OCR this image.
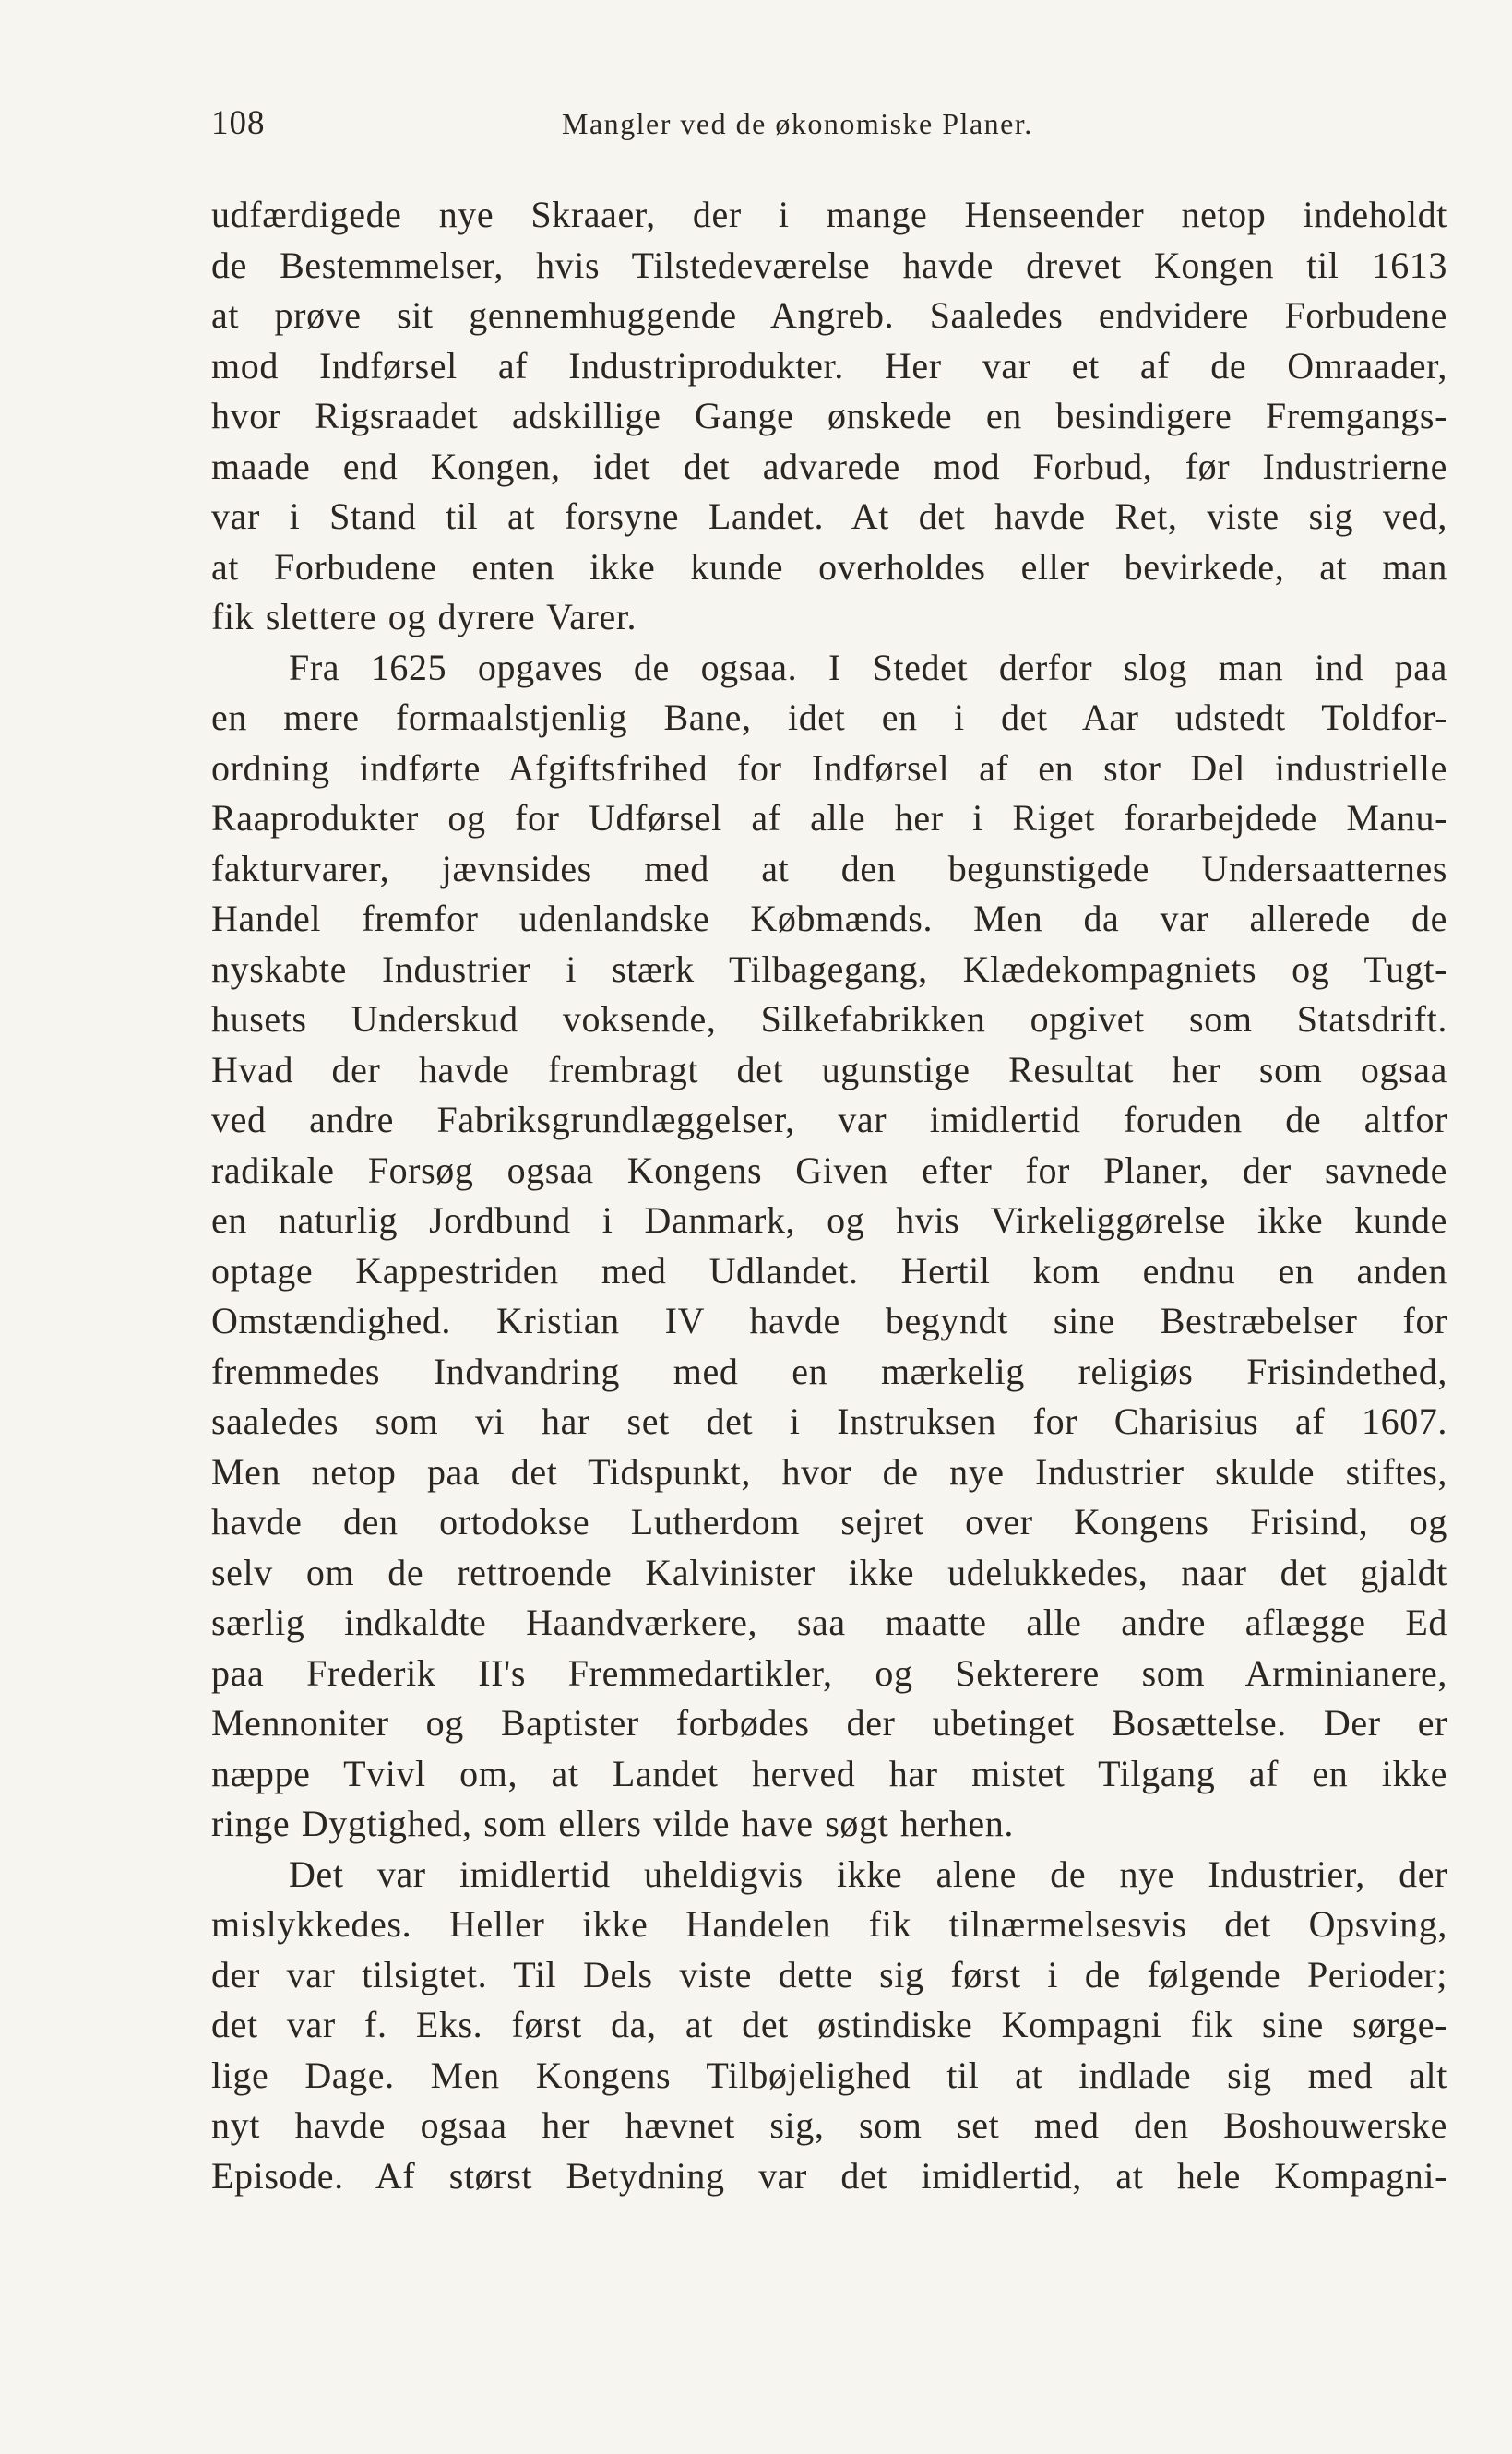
108	Mangler ved de økonomiske Planer.
udfærdigede nye Skraaer, der i mange Henseender netop indeholdt
de Bestemmelser, hvis Tilstedeværelse havde drevet Kongen til 1613
at prøve sit gennemhuggende Angreb. Saaledes endvidere Forbudene
mod Indførsel af Industriprodukter. Her var et af de Omraader,
hvor Rigsraadet adskillige Gange ønskede en besindigere Fremgangs-
maade end Kongen, idet det advarede mod Forbud, før Industrierne
var i Stand til at forsyne Landet. At det havde Ret, viste sig ved,
at Forbudene enten ikke kunde overholdes eller bevirkede, at man
fik slettere og dyrere Varer.
Fra 1625 opgaves de ogsaa. I Stedet derfor slog man ind paa
en mere formaalstjenlig Bane, idet en i det Aar udstedt Toldfor-
ordning indførte Afgiftsfrihed for Indførsel af en stor Del industrielle
Raaprodukter og for Udførsel af alle her i Riget forarbejdede Manu-
fakturvarer, jævnsides med at den begunstigede Undersaatternes
Handel fremfor udenlandske Købmænds. Men da var allerede de
nyskabte Industrier i stærk Tilbagegang, Klædekompagniets og Tugt-
husets Underskud voksende, Silkefabrikken opgivet som Statsdrift.
Hvad der havde frembragt det ugunstige Resultat her som ogsaa
ved andre Fabriksgrundlæggelser, var imidlertid foruden de altfor
radikale Forsøg ogsaa Kongens Given efter for Planer, der savnede
en naturlig Jordbund i Danmark, og hvis Virkeliggørelse ikke kunde
optage Kappestriden med Udlandet. Hertil kom endnu en anden
Omstændighed. Kristian IV havde begyndt sine Bestræbelser for
fremmedes Indvandring med en mærkelig religiøs Frisindethed,
saaledes som vi har set det i Instruksen for Charisius af 1607.
Men netop paa det Tidspunkt, hvor de nye Industrier skulde stiftes,
havde den ortodokse Lutherdom sejret over Kongens Frisind, og
selv om de rettroende Kalvinister ikke udelukkedes, naar det gjaldt
særlig indkaldte Haandværkere, saa maatte alle andre aflægge Ed
paa Frederik II's Fremmedartikler, og Sekterere som Arminianere,
Mennoniter og Baptister forbødes der ubetinget Bosættelse. Der er
næppe Tvivl om, at Landet herved har mistet Tilgang af en ikke
ringe Dygtighed, som ellers vilde have søgt herhen.
Det var imidlertid uheldigvis ikke alene de nye Industrier, der
mislykkedes. Heller ikke Handelen fik tilnærmelsesvis det Opsving,
der var tilsigtet. Til Dels viste dette sig først i de følgende Perioder;
det var f. Eks. først da, at det østindiske Kompagni fik sine sørge-
lige Dage. Men Kongens Tilbøjelighed til at indlade sig med alt
nyt havde ogsaa her hævnet sig, som set med den Boshouwerske
Episode. Af størst Betydning var det imidlertid, at hele Kompagni-
